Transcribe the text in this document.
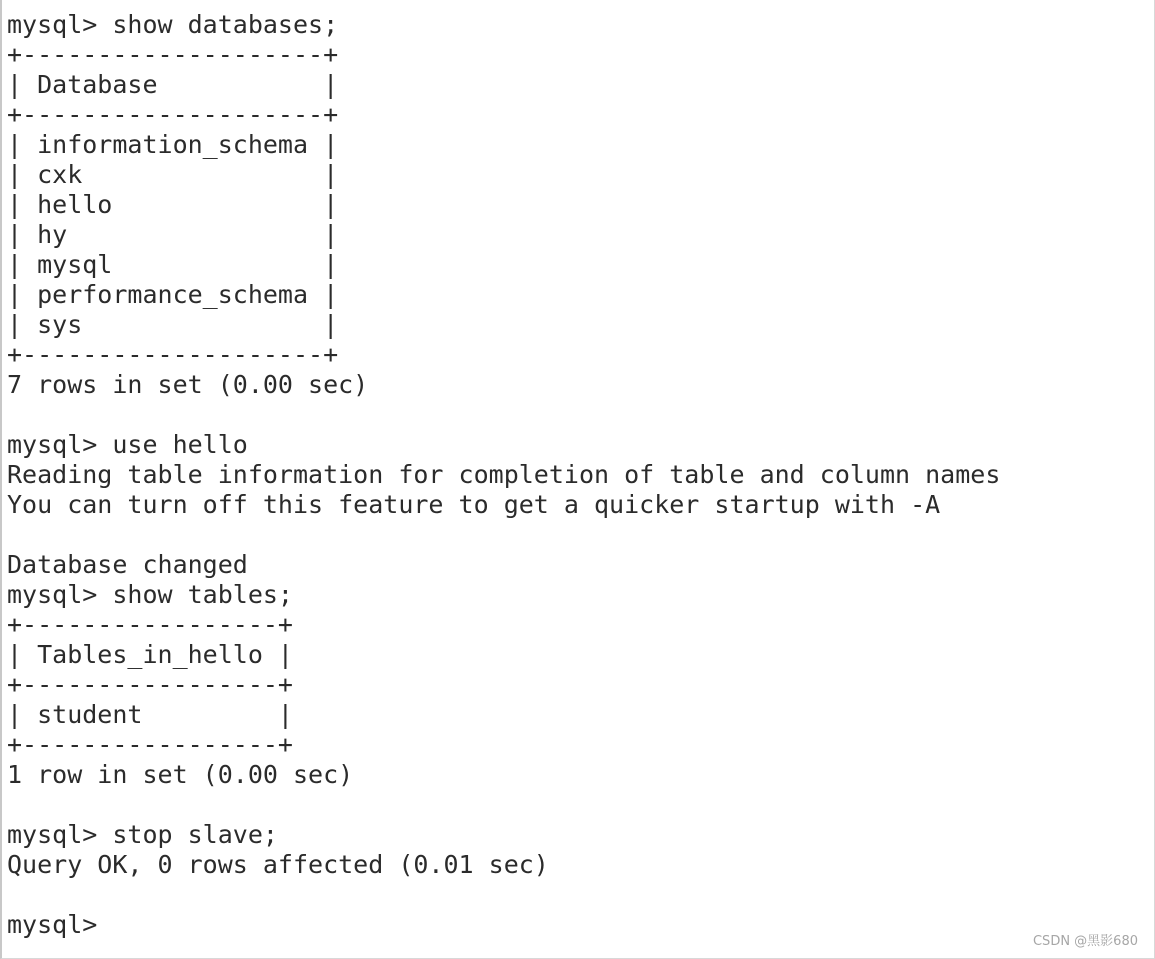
mysql> show databases;
+--------------------+
| Database           |
+--------------------+
| information_schema |
| cxk                |
| hello              |
| hy                 |
| mysql              |
| performance_schema |
| sys                |
+--------------------+
7 rows in set (0.00 sec)
mysql> use hello
Reading table information for completion of table and column names
You can turn off this feature to get a quicker startup with -A
Database changed
mysql> show tables;
+-----------------+
| Tables_in_hello |
+-----------------+
| student         |
+-----------------+
1 row in set (0.00 sec)
mysql> stop slave;
Query OK, 0 rows affected (0.01 sec)
mysql>
CSDN @黑影680
